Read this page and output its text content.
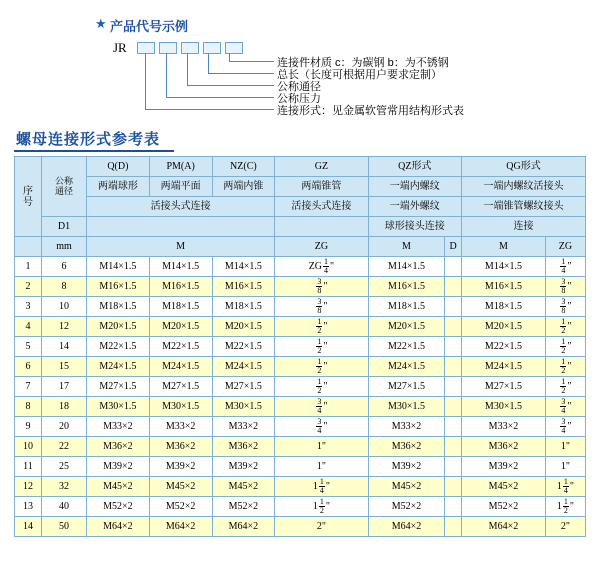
★ 产品代号示例
JR
连接件材质 c：为碳钢 b：为不锈钢
总长（长度可根据用户要求定制）
公称通径
公称压力
连接形式：见金属软管常用结构形式表
螺母连接形式参考表
序
号	公称
通径	Q(D)	PM(A)	NZ(C)	GZ	QZ形式		QG形式	
		两端球形	两端平面	两端内锥	两端锥管	一端内螺纹		一端内螺纹活接头	
		活接头式连接			活接头式连接	一端外螺纹		一端锥管螺纹接头	
	D1					球形接头连接		连接	
	mm	M			ZG	M	D	M	ZG
1	6	M14×1.5	M14×1.5	M14×1.5	ZG $\frac{1}{4}$ "	M14×1.5		M14×1.5	$\frac{1}{4}$ "
2	8	M16×1.5	M16×1.5	M16×1.5	$\frac{3}{8}$ "	M16×1.5		M16×1.5	$\frac{3}{8}$ "
3	10	M18×1.5	M18×1.5	M18×1.5	$\frac{3}{8}$ "	M18×1.5		M18×1.5	$\frac{3}{8}$ "
4	12	M20×1.5	M20×1.5	M20×1.5	$\frac{1}{2}$ "	M20×1.5		M20×1.5	$\frac{1}{2}$ "
5	14	M22×1.5	M22×1.5	M22×1.5	$\frac{1}{2}$ "	M22×1.5		M22×1.5	$\frac{1}{2}$ "
6	15	M24×1.5	M24×1.5	M24×1.5	$\frac{1}{2}$ "	M24×1.5		M24×1.5	$\frac{1}{2}$ "
7	17	M27×1.5	M27×1.5	M27×1.5	$\frac{1}{2}$ "	M27×1.5		M27×1.5	$\frac{1}{2}$ "
8	18	M30×1.5	M30×1.5	M30×1.5	$\frac{3}{4}$ "	M30×1.5		M30×1.5	$\frac{3}{4}$ "
9	20	M33×2	M33×2	M33×2	$\frac{3}{4}$ "	M33×2		M33×2	$\frac{3}{4}$ "
10	22	M36×2	M36×2	M36×2	1"	M36×2		M36×2	1"
11	25	M39×2	M39×2	M39×2	1"	M39×2		M39×2	1"
12	32	M45×2	M45×2	M45×2	$1 \frac{1}{4}$ "	M45×2		M45×2	$1 \frac{1}{4}$ "
13	40	M52×2	M52×2	M52×2	$1 \frac{1}{2}$ "	M52×2		M52×2	$1 \frac{1}{2}$ "
14	50	M64×2	M64×2	M64×2	2"	M64×2		M64×2	2"
